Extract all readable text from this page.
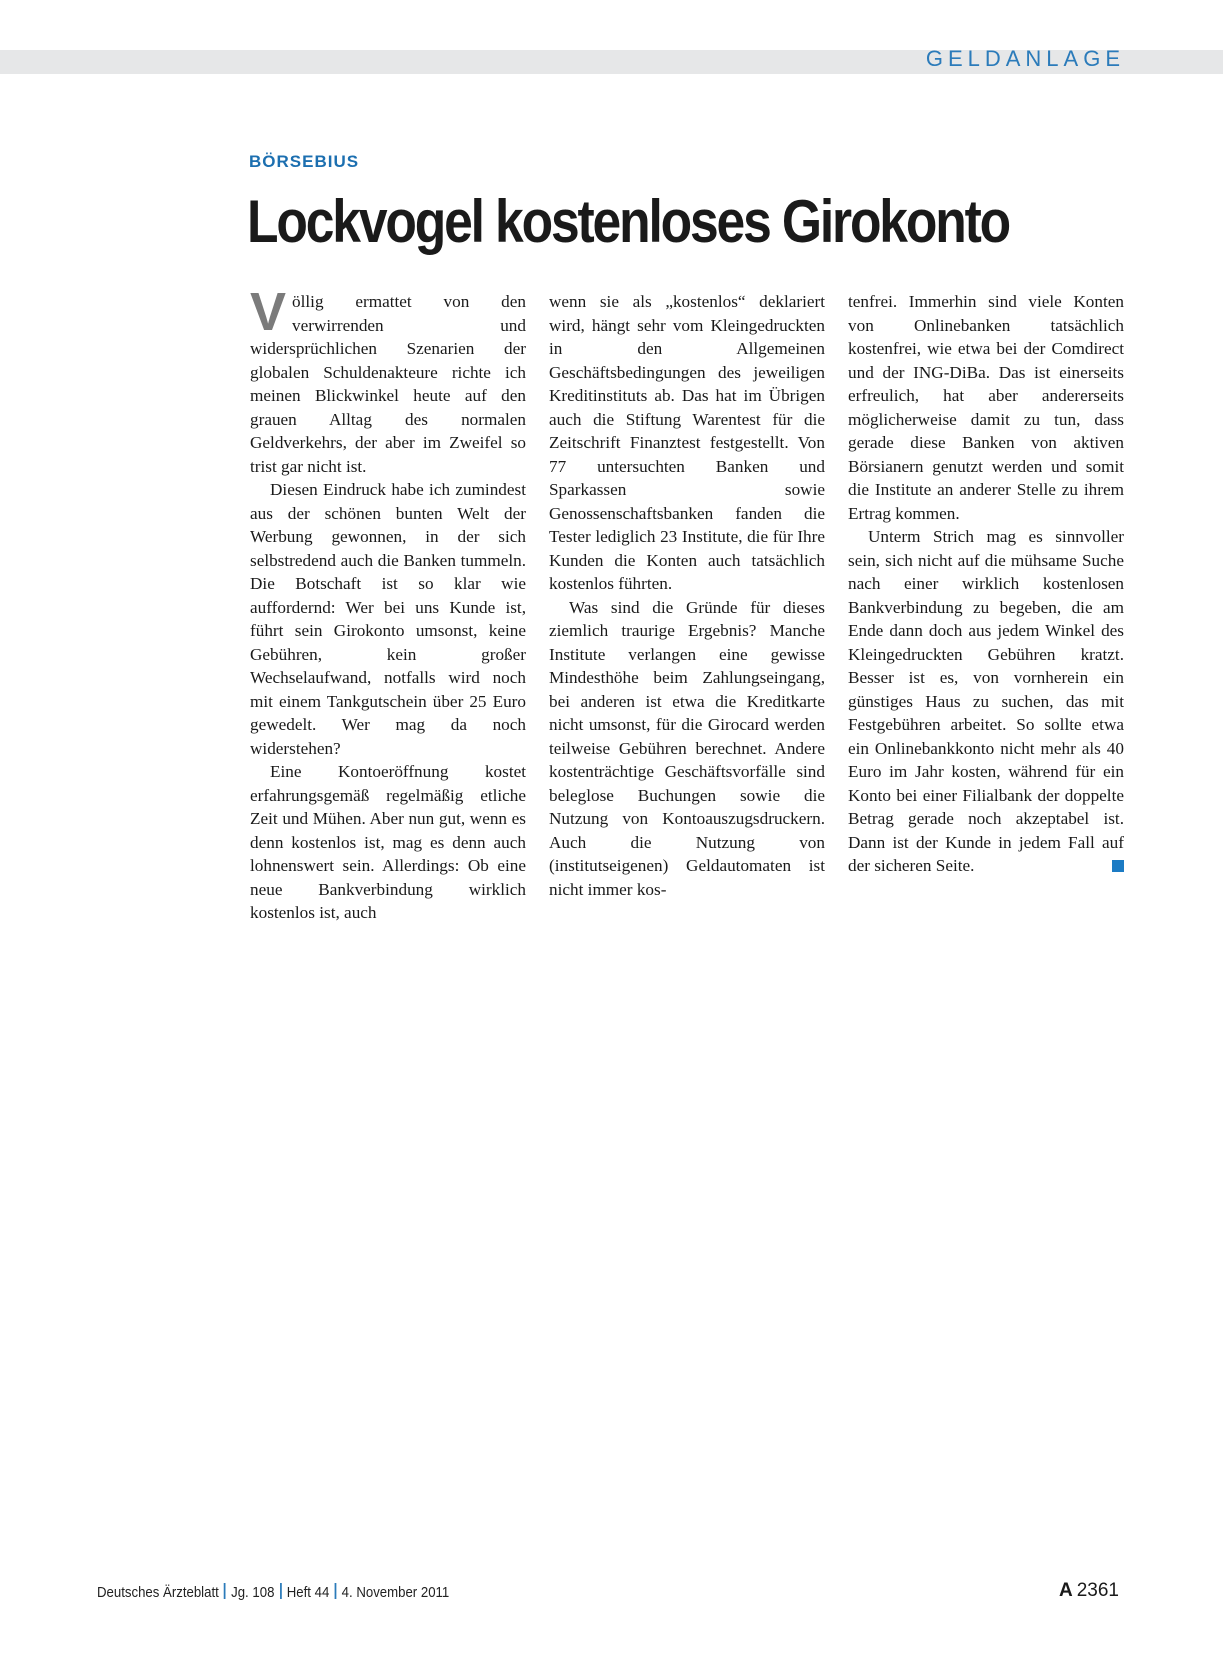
GELDANLAGE
BÖRSEBIUS
Lockvogel kostenloses Girokonto

Völlig ermattet von den verwirrenden und widersprüchlichen Szenarien der globalen Schuldenakteure richte ich meinen Blickwinkel heute auf den grauen Alltag des normalen Geldverkehrs, der aber im Zweifel so trist gar nicht ist.

Diesen Eindruck habe ich zumindest aus der schönen bunten Welt der Werbung gewonnen, in der sich selbstredend auch die Banken tummeln. Die Botschaft ist so klar wie auffordernd: Wer bei uns Kunde ist, führt sein Girokonto umsonst, keine Gebühren, kein großer Wechselaufwand, notfalls wird noch mit einem Tankgutschein über 25 Euro gewedelt. Wer mag da noch widerstehen?

Eine Kontoeröffnung kostet erfahrungsgemäß regelmäßig etliche Zeit und Mühen. Aber nun gut, wenn es denn kostenlos ist, mag es denn auch lohnenswert sein. Allerdings: Ob eine neue Bankverbindung wirklich kostenlos ist, auch

wenn sie als „kostenlos“ deklariert wird, hängt sehr vom Kleingedruckten in den Allgemeinen Geschäftsbedingungen des jeweiligen Kreditinstituts ab. Das hat im Übrigen auch die Stiftung Warentest für die Zeitschrift Finanztest festgestellt. Von 77 untersuchten Banken und Sparkassen sowie Genossenschaftsbanken fanden die Tester lediglich 23 Institute, die für Ihre Kunden die Konten auch tatsächlich kostenlos führten.

Was sind die Gründe für dieses ziemlich traurige Ergebnis? Manche Institute verlangen eine gewisse Mindesthöhe beim Zahlungseingang, bei anderen ist etwa die Kreditkarte nicht umsonst, für die Girocard werden teilweise Gebühren berechnet. Andere kostenträchtige Geschäftsvorfälle sind beleglose Buchungen sowie die Nutzung von Kontoauszugsdruckern. Auch die Nutzung von (institutseigenen) Geldautomaten ist nicht immer kos-

tenfrei. Immerhin sind viele Konten von Onlinebanken tatsächlich kostenfrei, wie etwa bei der Comdirect und der ING-DiBa. Das ist einerseits erfreulich, hat aber andererseits möglicherweise damit zu tun, dass gerade diese Banken von aktiven Börsianern genutzt werden und somit die Institute an anderer Stelle zu ihrem Ertrag kommen.

Unterm Strich mag es sinnvoller sein, sich nicht auf die mühsame Suche nach einer wirklich kostenlosen Bankverbindung zu begeben, die am Ende dann doch aus jedem Winkel des Kleingedruckten Gebühren kratzt. Besser ist es, von vornherein ein günstiges Haus zu suchen, das mit Festgebühren arbeitet. So sollte etwa ein Onlinebankkonto nicht mehr als 40 Euro im Jahr kosten, während für ein Konto bei einer Filialbank der doppelte Betrag gerade noch akzeptabel ist. Dann ist der Kunde in jedem Fall auf der sicheren Seite.

Deutsches Ärzteblatt Jg. 108 Heft 44 4. November 2011	A 2361
